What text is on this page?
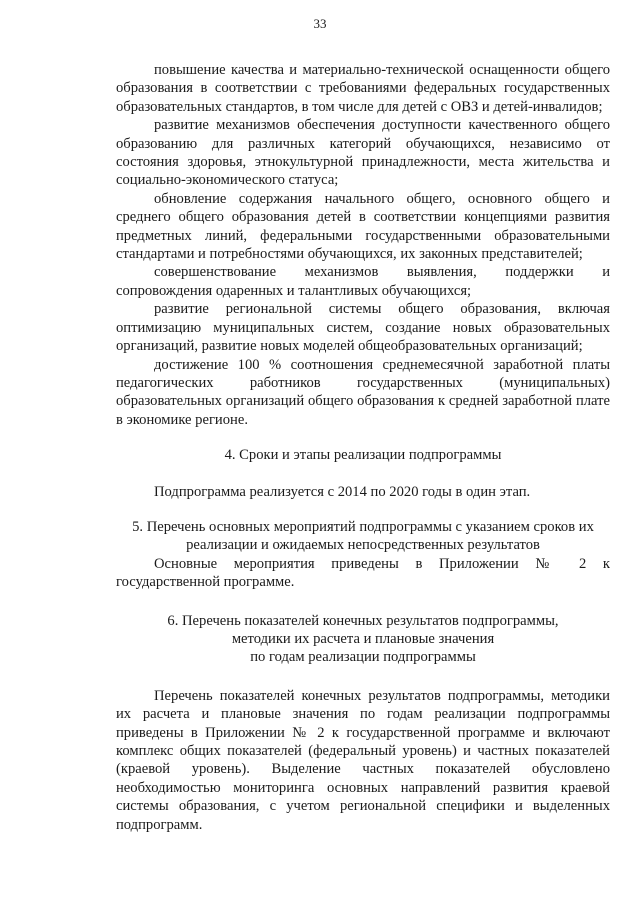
33

повышение качества и материально-технической оснащенности общего образования в соответствии с требованиями федеральных государственных образовательных стандартов, в том числе для детей с ОВЗ и детей-инвалидов;

развитие механизмов обеспечения доступности качественного общего образованию для различных категорий обучающихся, независимо от состояния здоровья, этнокультурной принадлежности, места жительства и социально-экономического статуса;

обновление содержания начального общего, основного общего и среднего общего образования детей в соответствии концепциями развития предметных линий, федеральными государственными образовательными стандартами и потребностями обучающихся, их законных представителей;

совершенствование механизмов выявления, поддержки и сопровождения одаренных и талантливых обучающихся;

развитие региональной системы общего образования, включая оптимизацию муниципальных систем, создание новых образовательных организаций, развитие новых моделей общеобразовательных организаций;

достижение 100 % соотношения среднемесячной заработной платы педагогических работников государственных (муниципальных) образовательных организаций общего образования к средней заработной плате в экономике регионе.

4. Сроки и этапы реализации подпрограммы

Подпрограмма реализуется с 2014 по 2020 годы в один этап.

5. Перечень основных мероприятий подпрограммы с указанием сроков их

реализации и ожидаемых непосредственных результатов

Основные мероприятия приведены в Приложении № 2 к государственной программе.

6. Перечень показателей конечных результатов подпрограммы,

методики их расчета и плановые значения

по годам реализации подпрограммы

Перечень показателей конечных результатов подпрограммы, методики их расчета и плановые значения по годам реализации подпрограммы приведены в Приложении № 2 к государственной программе и включают комплекс общих показателей (федеральный уровень) и частных показателей (краевой уровень). Выделение частных показателей обусловлено необходимостью мониторинга основных направлений развития краевой системы образования, с учетом региональной специфики и выделенных подпрограмм.
